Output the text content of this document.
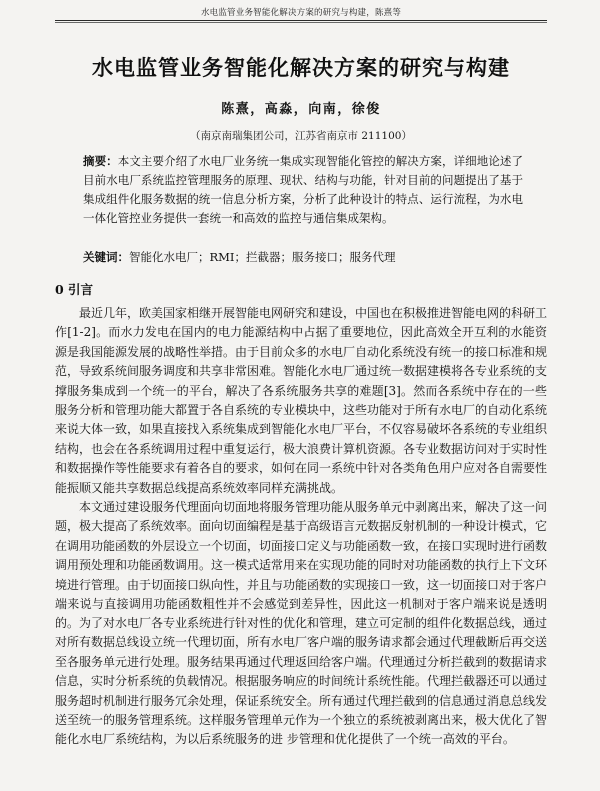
水电监管业务智能化解决方案的研究与构建，陈熹等
水电监管业务智能化解决方案的研究与构建
陈熹，高淼，向南，徐俊
（南京南瑞集团公司，江苏省南京市 211100）
摘要：本文主要介绍了水电厂业务统一集成实现智能化管控的解决方案，详细地论述了目前水电厂系统监控管理服务的原理、现状、结构与功能，针对目前的问题提出了基于集成组件化服务数据的统一信息分析方案，分析了此种设计的特点、运行流程，为水电一体化管控业务提供一套统一和高效的监控与通信集成架构。
关键词：智能化水电厂；RMI；拦截器；服务接口；服务代理
0 引言
最近几年，欧美国家相继开展智能电网研究和建设，中国也在积极推进智能电网的科研工作[1-2]。而水力发电在国内的电力能源结构中占据了重要地位，因此高效全开互利的水能资源是我国能源发展的战略性举措。由于目前众多的水电厂自动化系统没有统一的接口标准和规范，导致系统间服务调度和共享非常困难。智能化水电厂通过统一数据建模将各专业系统的支撑服务集成到一个统一的平台，解决了各系统服务共享的难题[3]。然而各系统中存在的一些服务分析和管理功能大都置于各自系统的专业模块中，这些功能对于所有水电厂的自动化系统来说大体一致，如果直接找入系统集成到智能化水电厂平台，不仅容易破坏各系统的专业组织结构，也会在各系统调用过程中重复运行，极大浪费计算机资源。各专业数据访问对于实时性和数据操作等性能要求有着各自的要求，如何在同一系统中针对各类角色用户应对各自需要性能振顺又能共享数据总线提高系统效率同样充满挑战。
本文通过建设服务代理面向切面地将服务管理功能从服务单元中剥离出来，解决了这一问题，极大提高了系统效率。面向切面编程是基于高级语言元数据反射机制的一种设计模式，它在调用功能函数的外层设立一个切面，切面接口定义与功能函数一致，在接口实现时进行函数调用预处理和功能函数调用。这一模式适常用来在实现功能的同时对功能函数的执行上下文环境进行管理。由于切面接口纵向性，并且与功能函数的实现接口一致，这一切面接口对于客户端来说与直接调用功能函数粗性并不会感觉到差异性，因此这一机制对于客户端来说是透明的。 为了对水电厂各专业系统进行针对性的优化和管理，建立可定制的组件化数据总线，通过对所有数据总线设立统一代理切面，所有水电厂客户端的服务请求都会通过代理截断后再交送至各服务单元进行处理。服务结果再通过代理返回给客户端。代理通过分析拦截到的数据请求信息，实时分析系统的负载情况。根据服务响应的时间统计系统性能。代理拦截器还可以通过服务超时机制进行服务冗余处理，保证系统安全。所有通过代理拦截到的信息通过消息总线发送至统一的服务管理系统。这样服务管理单元作为一个独立的系统被剥离出来，极大优化了智能化水电厂系统结构，为以后系统服务的进 步管理和优化提供了一个统一高效的平台。
